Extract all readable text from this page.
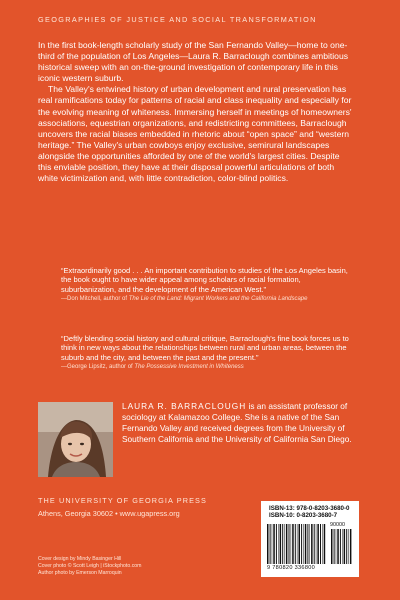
GEOGRAPHIES OF JUSTICE AND SOCIAL TRANSFORMATION

In the first book-length scholarly study of the San Fernando Valley—home to one-third of the population of Los Angeles—Laura R. Barraclough combines ambitious historical sweep with an on-the-ground investigation of contemporary life in this iconic western suburb.

The Valley's entwined history of urban development and rural preservation has real ramifications today for patterns of racial and class inequality and especially for the evolving meaning of whiteness. Immersing herself in meetings of homeowners' associations, equestrian organizations, and redistricting committees, Barraclough uncovers the racial biases embedded in rhetoric about “open space” and “western heritage.” The Valley's urban cowboys enjoy exclusive, semirural landscapes alongside the opportunities afforded by one of the world's largest cities. Despite this enviable position, they have at their disposal powerful articulations of both white victimization and, with little contradiction, color-blind politics.

“Extraordinarily good . . . An important contribution to studies of the Los Angeles basin, the book ought to have wider appeal among scholars of racial formation, suburbanization, and the development of the American West.”
—Don Mitchell, author of The Lie of the Land: Migrant Workers and the California Landscape
“Deftly blending social history and cultural critique, Barraclough's fine book forces us to think in new ways about the relationships between rural and urban areas, between the suburb and the city, and between the past and the present.”
—George Lipsitz, author of The Possessive Investment in Whiteness
LAURA R. BARRACLOUGH is an assistant professor of sociology at Kalamazoo College. She is a native of the San Fernando Valley and received degrees from the University of Southern California and the University of California San Diego.
THE UNIVERSITY OF GEORGIA PRESS
Athens, Georgia 30602 • www.ugapress.org
Cover design by Mindy Basinger Hill
Cover photo © Scott Leigh | iStockphoto.com
Author photo by Emerson Marroquin
ISBN-13: 978-0-8203-3680-0
ISBN-10: 0-8203-3680-7
90000
9 780820 336800
